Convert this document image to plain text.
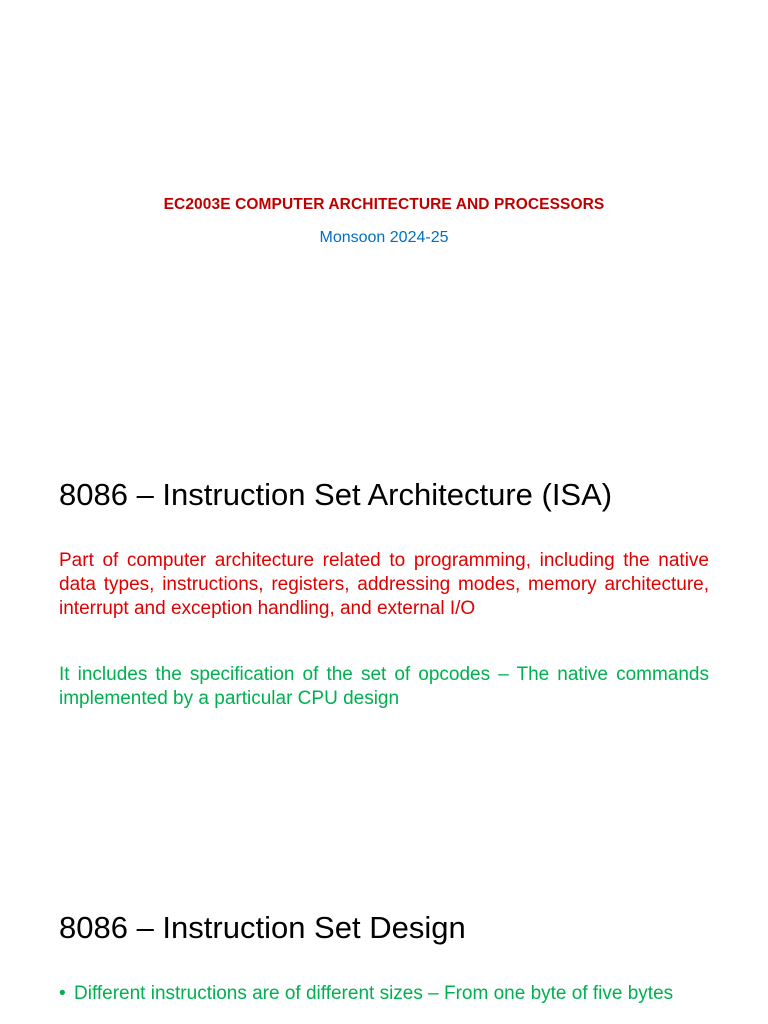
EC2003E COMPUTER ARCHITECTURE AND PROCESSORS
Monsoon 2024-25
8086 – Instruction Set Architecture (ISA)

Part of computer architecture related to programming, including the native data types, instructions, registers, addressing modes, memory architecture, interrupt and exception handling, and external I/O

It includes the specification of the set of opcodes – The native commands implemented by a particular CPU design

8086 – Instruction Set Design
• Different instructions are of different sizes – From one byte of five bytes
